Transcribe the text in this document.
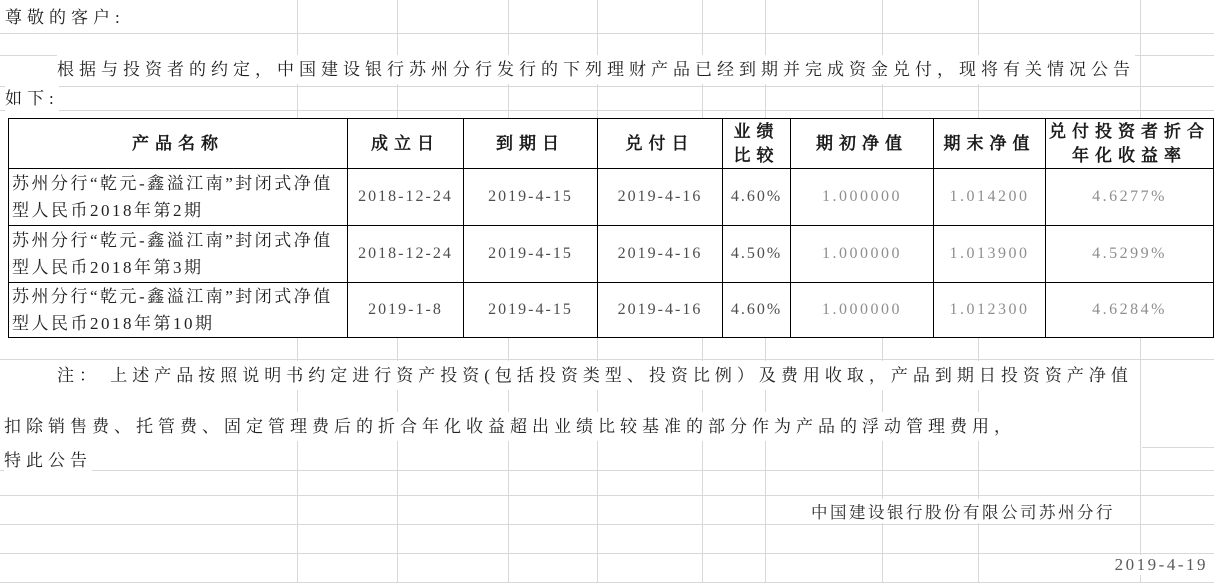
尊敬的客户:
根据与投资者的约定，中国建设银行苏州分行发行的下列理财产品已经到期并完成资金兑付，现将有关情况公告
如下:
产品名称	成立日	到期日	兑付日	业绩比较	期初净值	期末净值	兑付投资者折合年化收益率
苏州分行“乾元-鑫溢江南”封闭式净值型人民币2018年第2期	2018-12-24	2019-4-15	2019-4-16	4.60%	1.000000	1.014200	4.6277%
苏州分行“乾元-鑫溢江南”封闭式净值型人民币2018年第3期	2018-12-24	2019-4-15	2019-4-16	4.50%	1.000000	1.013900	4.5299%
苏州分行“乾元-鑫溢江南”封闭式净值型人民币2018年第10期	2019-1-8	2019-4-15	2019-4-16	4.60%	1.000000	1.012300	4.6284%
注： 上述产品按照说明书约定进行资产投资(包括投资类型、投资比例）及费用收取，产品到期日投资资产净值
扣除销售费、托管费、固定管理费后的折合年化收益超出业绩比较基准的部分作为产品的浮动管理费用，
特此公告
中国建设银行股份有限公司苏州分行
2019-4-19
